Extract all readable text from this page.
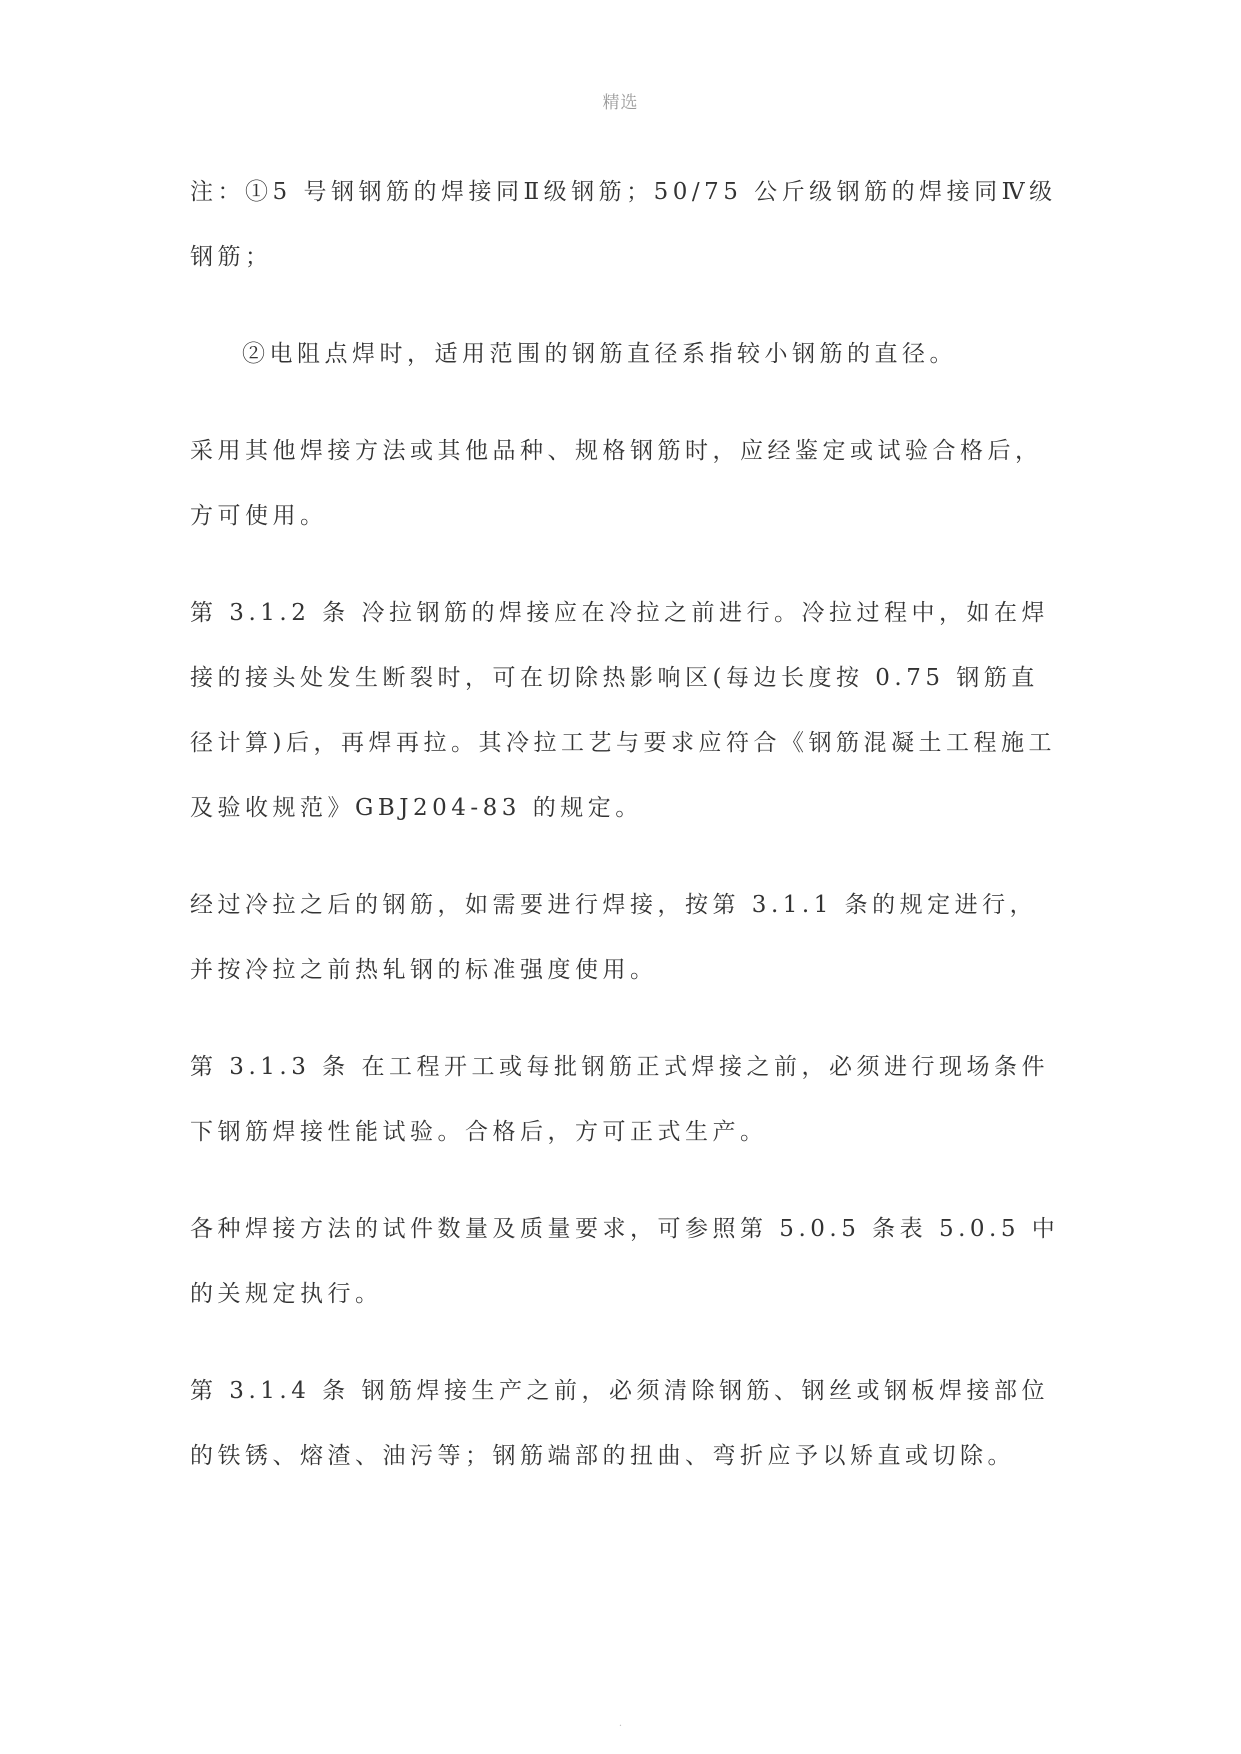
精选

注：①5 号钢钢筋的焊接同Ⅱ级钢筋；50/75 公斤级钢筋的焊接同Ⅳ级钢筋；

②电阻点焊时，适用范围的钢筋直径系指较小钢筋的直径。

采用其他焊接方法或其他品种、规格钢筋时，应经鉴定或试验合格后，方可使用。

第 3.1.2 条 冷拉钢筋的焊接应在冷拉之前进行。冷拉过程中，如在焊接的接头处发生断裂时，可在切除热影响区(每边长度按 0.75 钢筋直径计算)后，再焊再拉。其冷拉工艺与要求应符合《钢筋混凝土工程施工及验收规范》GBJ204-83 的规定。

经过冷拉之后的钢筋，如需要进行焊接，按第 3.1.1 条的规定进行，并按冷拉之前热轧钢的标准强度使用。

第 3.1.3 条 在工程开工或每批钢筋正式焊接之前，必须进行现场条件下钢筋焊接性能试验。合格后，方可正式生产。

各种焊接方法的试件数量及质量要求，可参照第 5.0.5 条表 5.0.5 中的关规定执行。

第 3.1.4 条 钢筋焊接生产之前，必须清除钢筋、钢丝或钢板焊接部位的铁锈、熔渣、油污等；钢筋端部的扭曲、弯折应予以矫直或切除。

.
